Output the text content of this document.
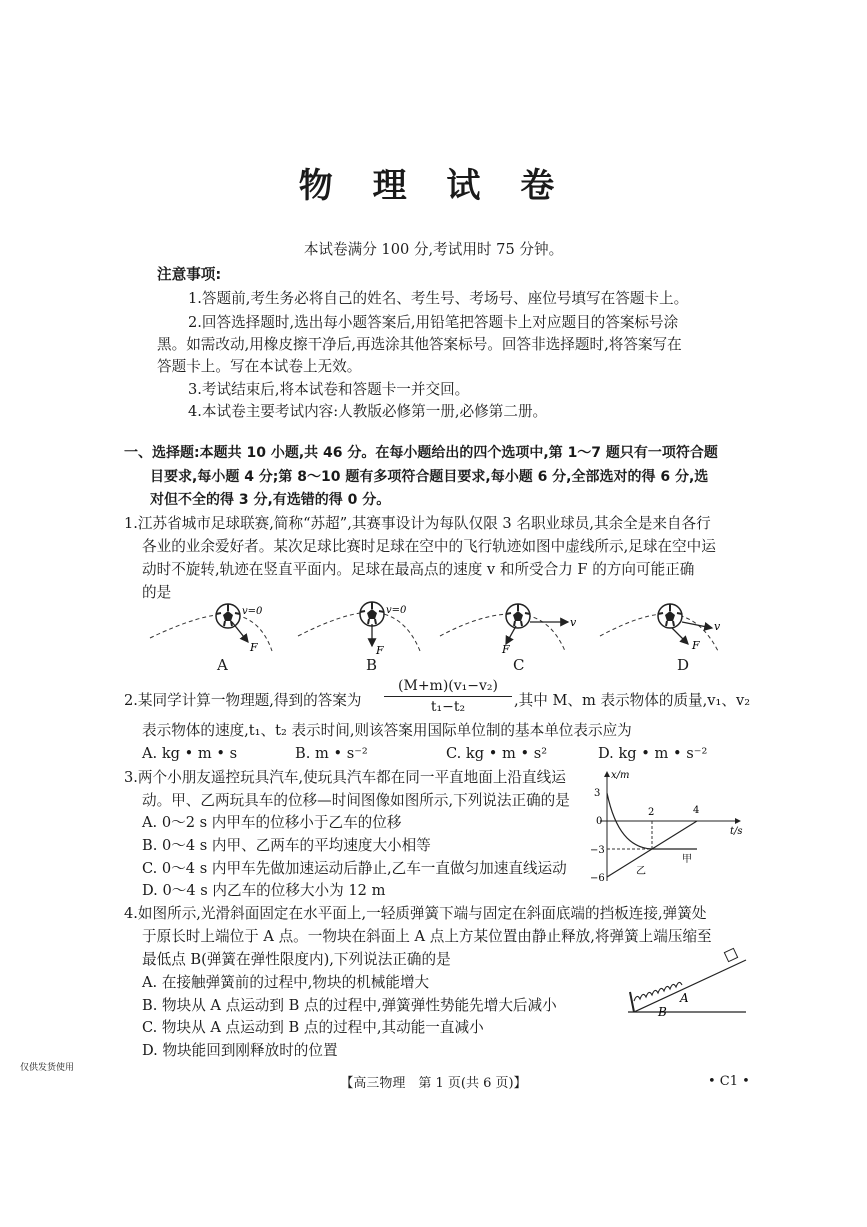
物 理 试 卷
本试卷满分 100 分,考试用时 75 分钟。
注意事项:
1.答题前,考生务必将自己的姓名、考生号、考场号、座位号填写在答题卡上。
2.回答选择题时,选出每小题答案后,用铅笔把答题卡上对应题目的答案标号涂
黑。如需改动,用橡皮擦干净后,再选涂其他答案标号。回答非选择题时,将答案写在
答题卡上。写在本试卷上无效。
3.考试结束后,将本试卷和答题卡一并交回。
4.本试卷主要考试内容:人教版必修第一册,必修第二册。
一、选择题:本题共 10 小题,共 46 分。在每小题给出的四个选项中,第 1～7 题只有一项符合题
目要求,每小题 4 分;第 8～10 题有多项符合题目要求,每小题 6 分,全部选对的得 6 分,选
对但不全的得 3 分,有选错的得 0 分。
1.江苏省城市足球联赛,简称“苏超”,其赛事设计为每队仅限 3 名职业球员,其余全是来自各行
各业的业余爱好者。某次足球比赛时足球在空中的飞行轨迹如图中虚线所示,足球在空中运
动时不旋转,轨迹在竖直平面内。足球在最高点的速度 v 和所受合力 F 的方向可能正确
的是
v=0
F
v=0
F
v
F
v
F
A	B	C	D
2.某同学计算一物理题,得到的答案为 $\frac{\text{(M+m)(v₁−v₂)}}{\text{t₁−t₂}}$ ,其中 M、m 表示物体的质量,v₁、v₂
表示物体的速度,t₁、t₂ 表示时间,则该答案用国际单位制的基本单位表示应为
A. kg • m • s	B. m • s⁻²	C. kg • m • s²	D. kg • m • s⁻²
3.两个小朋友遥控玩具汽车,使玩具汽车都在同一平直地面上沿直线运
动。甲、乙两玩具车的位移—时间图像如图所示,下列说法正确的是
A. 0～2 s 内甲车的位移小于乙车的位移
B. 0～4 s 内甲、乙两车的平均速度大小相等
C. 0～4 s 内甲车先做加速运动后静止,乙车一直做匀加速直线运动
D. 0～4 s 内乙车的位移大小为 12 m
x/m
t/s
3
0
−3
−6
2	4
甲
乙
4.如图所示,光滑斜面固定在水平面上,一轻质弹簧下端与固定在斜面底端的挡板连接,弹簧处
于原长时上端位于 A 点。一物块在斜面上 A 点上方某位置由静止释放,将弹簧上端压缩至
最低点 B(弹簧在弹性限度内),下列说法正确的是
A. 在接触弹簧前的过程中,物块的机械能增大
B. 物块从 A 点运动到 B 点的过程中,弹簧弹性势能先增大后减小
C. 物块从 A 点运动到 B 点的过程中,其动能一直减小
D. 物块能回到刚释放时的位置
A
B
仅供发货使用
【高三物理　第 1 页(共 6 页)】	• C1 •
